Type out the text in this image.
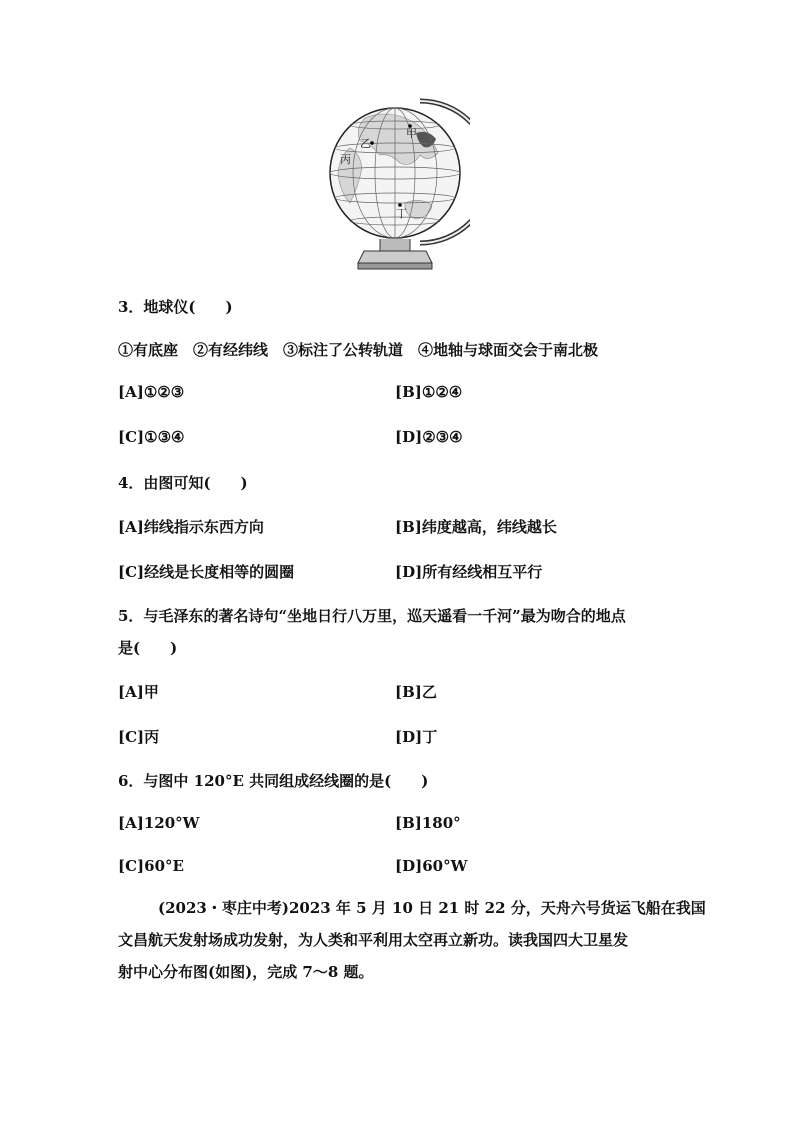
甲
乙
丙
丁
3．地球仪(　　)
①有底座　②有经纬线　③标注了公转轨道　④地轴与球面交会于南北极
[A]①②③	[B]①②④
[C]①③④	[D]②③④
4．由图可知(　　)
[A]纬线指示东西方向	[B]纬度越高，纬线越长
[C]经线是长度相等的圆圈	[D]所有经线相互平行
5．与毛泽东的著名诗句“坐地日行八万里，巡天遥看一千河”最为吻合的地点
是(　　)
[A]甲	[B]乙
[C]丙	[D]丁
6．与图中 120°E 共同组成经线圈的是(　　)
[A]120°W	[B]180°
[C]60°E	[D]60°W
(2023・枣庄中考)2023 年 5 月 10 日 21 时 22 分，天舟六号货运飞船在我国
文昌航天发射场成功发射，为人类和平利用太空再立新功。读我国四大卫星发
射中心分布图(如图)，完成 7～8 题。
